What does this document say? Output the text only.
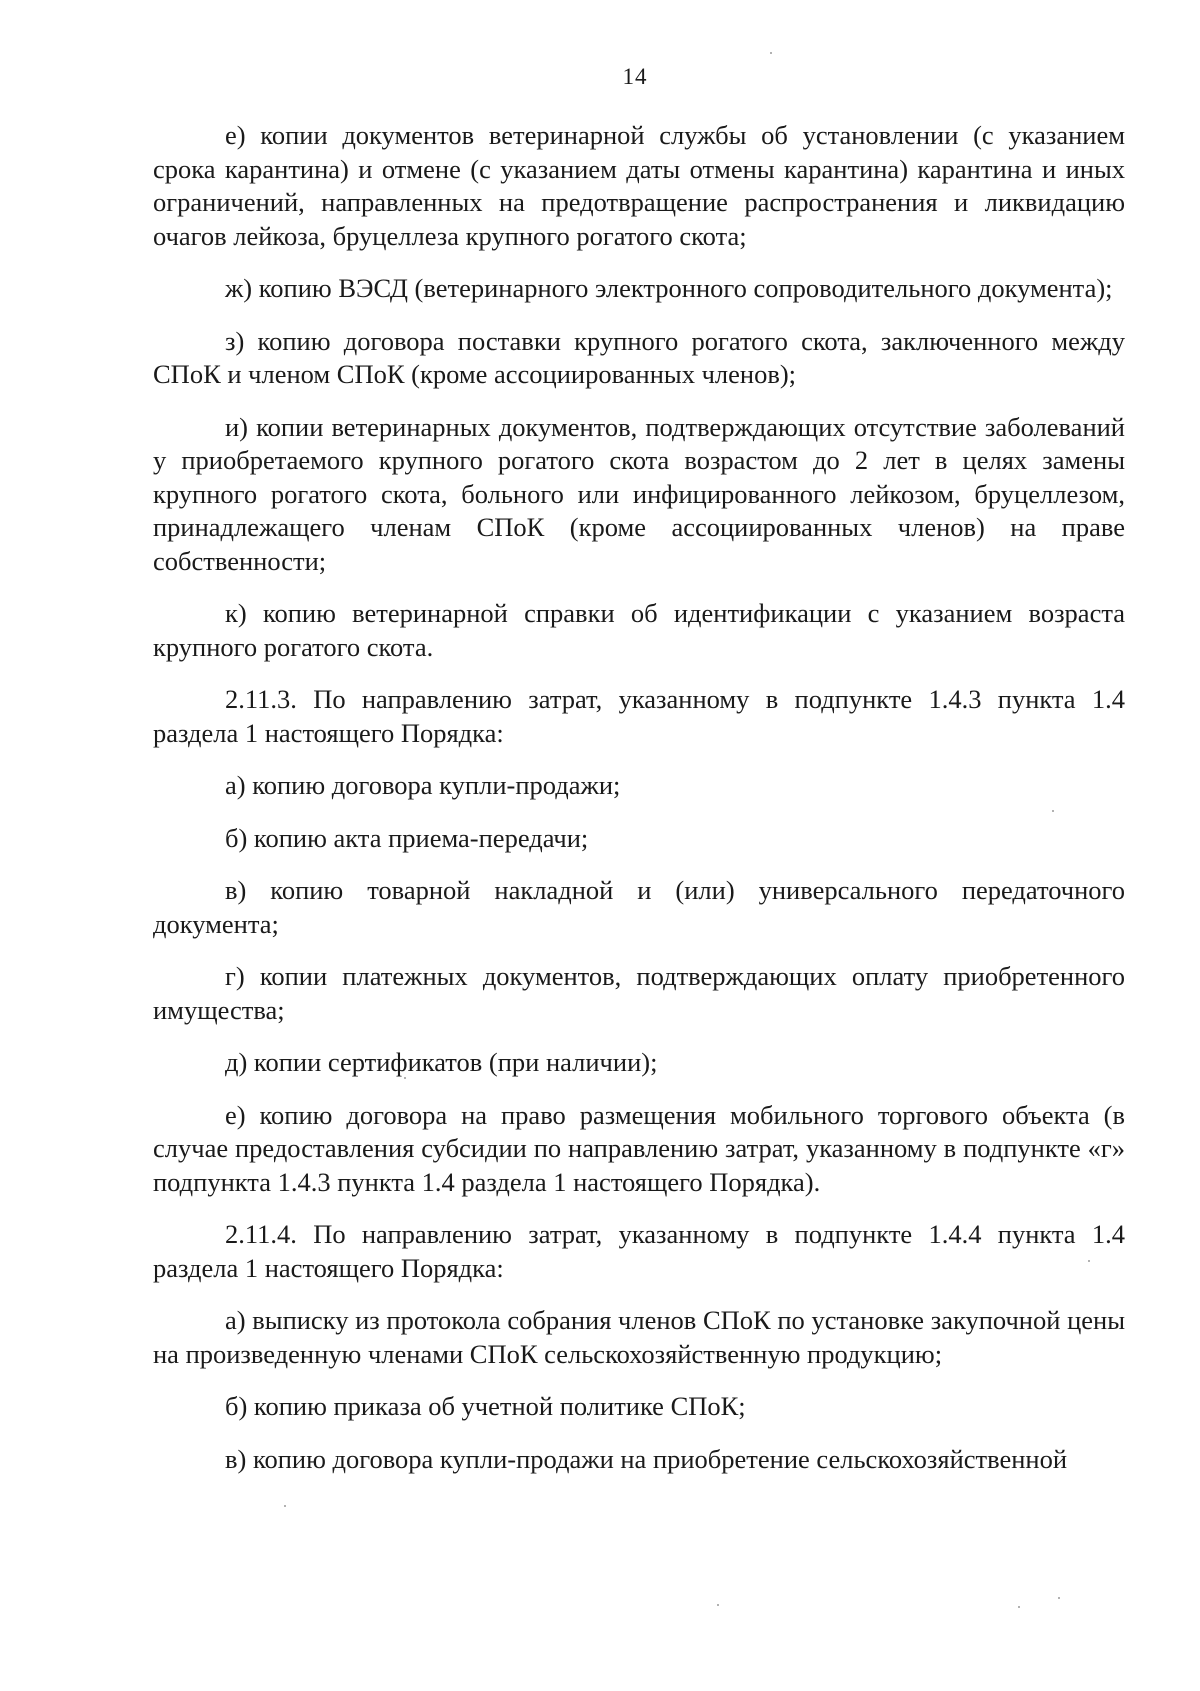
14

е) копии документов ветеринарной службы об установлении (с указанием срока карантина) и отмене (с указанием даты отмены карантина) карантина и иных ограничений, направленных на предотвращение распространения и ликвидацию очагов лейкоза, бруцеллеза крупного рогатого скота;

ж) копию ВЭСД (ветеринарного электронного сопроводительного документа);

з) копию договора поставки крупного рогатого скота, заключенного между СПоК и членом СПоК (кроме ассоциированных членов);

и) копии ветеринарных документов, подтверждающих отсутствие заболеваний у приобретаемого крупного рогатого скота возрастом до 2 лет в целях замены крупного рогатого скота, больного или инфицированного лейкозом, бруцеллезом, принадлежащего членам СПоК (кроме ассоциированных членов) на праве собственности;

к) копию ветеринарной справки об идентификации с указанием возраста крупного рогатого скота.

2.11.3. По направлению затрат, указанному в подпункте 1.4.3 пункта 1.4 раздела 1 настоящего Порядка:

а) копию договора купли-продажи;

б) копию акта приема-передачи;

в) копию товарной накладной и (или) универсального передаточного документа;

г) копии платежных документов, подтверждающих оплату приобретенного имущества;

д) копии сертификатов (при наличии);

е) копию договора на право размещения мобильного торгового объекта (в случае предоставления субсидии по направлению затрат, указанному в подпункте «г» подпункта 1.4.3 пункта 1.4 раздела 1 настоящего Порядка).

2.11.4. По направлению затрат, указанному в подпункте 1.4.4 пункта 1.4 раздела 1 настоящего Порядка:

а) выписку из протокола собрания членов СПоК по установке закупочной цены на произведенную членами СПоК сельскохозяйственную продукцию;

б) копию приказа об учетной политике СПоК;

в) копию договора купли-продажи на приобретение сельскохозяйственной
